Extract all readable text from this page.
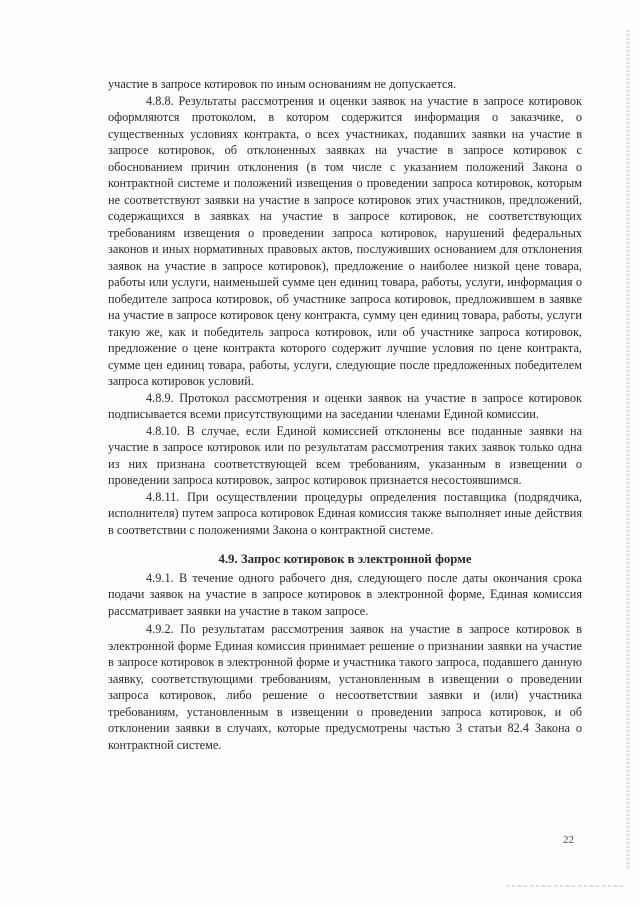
участие в запросе котировок по иным основаниям не допускается.

4.8.8. Результаты рассмотрения и оценки заявок на участие в запросе котировок оформляются протоколом, в котором содержится информация о заказчике, о существенных условиях контракта, о всех участниках, подавших заявки на участие в запросе котировок, об отклоненных заявках на участие в запросе котировок с обоснованием причин отклонения (в том числе с указанием положений Закона о контрактной системе и положений извещения о проведении запроса котировок, которым не соответствуют заявки на участие в запросе котировок этих участников, предложений, содержащихся в заявках на участие в запросе котировок, не соответствующих требованиям извещения о проведении запроса котировок, нарушений федеральных законов и иных нормативных правовых актов, послуживших основанием для отклонения заявок на участие в запросе котировок), предложение о наиболее низкой цене товара, работы или услуги, наименьшей сумме цен единиц товара, работы, услуги, информация о победителе запроса котировок, об участнике запроса котировок, предложившем в заявке на участие в запросе котировок цену контракта, сумму цен единиц товара, работы, услуги такую же, как и победитель запроса котировок, или об участнике запроса котировок, предложение о цене контракта которого содержит лучшие условия по цене контракта, сумме цен единиц товара, работы, услуги, следующие после предложенных победителем запроса котировок условий.

4.8.9. Протокол рассмотрения и оценки заявок на участие в запросе котировок подписывается всеми присутствующими на заседании членами Единой комиссии.

4.8.10. В случае, если Единой комиссией отклонены все поданные заявки на участие в запросе котировок или по результатам рассмотрения таких заявок только одна из них признана соответствующей всем требованиям, указанным в извещении о проведении запроса котировок, запрос котировок признается несостоявшимся.

4.8.11. При осуществлении процедуры определения поставщика (подрядчика, исполнителя) путем запроса котировок Единая комиссия также выполняет иные действия в соответствии с положениями Закона о контрактной системе.

4.9. Запрос котировок в электронной форме

4.9.1. В течение одного рабочего дня, следующего после даты окончания срока подачи заявок на участие в запросе котировок в электронной форме, Единая комиссия рассматривает заявки на участие в таком запросе.

4.9.2. По результатам рассмотрения заявок на участие в запросе котировок в электронной форме Единая комиссия принимает решение о признании заявки на участие в запросе котировок в электронной форме и участника такого запроса, подавшего данную заявку, соответствующими требованиям, установленным в извещении о проведении запроса котировок, либо решение о несоответствии заявки и (или) участника требованиям, установленным в извещении о проведении запроса котировок, и об отклонении заявки в случаях, которые предусмотрены частью 3 статьи 82.4 Закона о контрактной системе.

22
